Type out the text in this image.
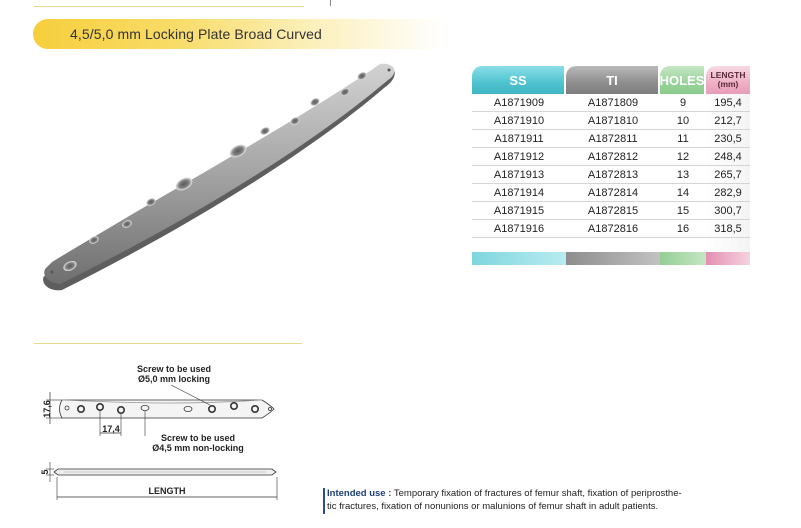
4,5/5,0 mm Locking Plate Broad Curved
SS	TI	HOLES LENGTH
(mm)
A1871909	A1871809	9	195,4
A1871910	A1871810	10	212,7
A1871911	A1872811	11	230,5
A1871912	A1872812	12	248,4
A1871913	A1872813	13	265,7
A1871914	A1872814	14	282,9
A1871915	A1872815	15	300,7
A1871916	A1872816	16	318,5
Screw to be used
Ø5,0 mm locking
Screw to be used
Ø4,5 mm non-locking
17,6
17,4
5
LENGTH	Intended use : Temporary fixation of fractures of femur shaft, fixation of periprosthe-
tic fractures, fixation of nonunions or malunions of femur shaft in adult patients.
